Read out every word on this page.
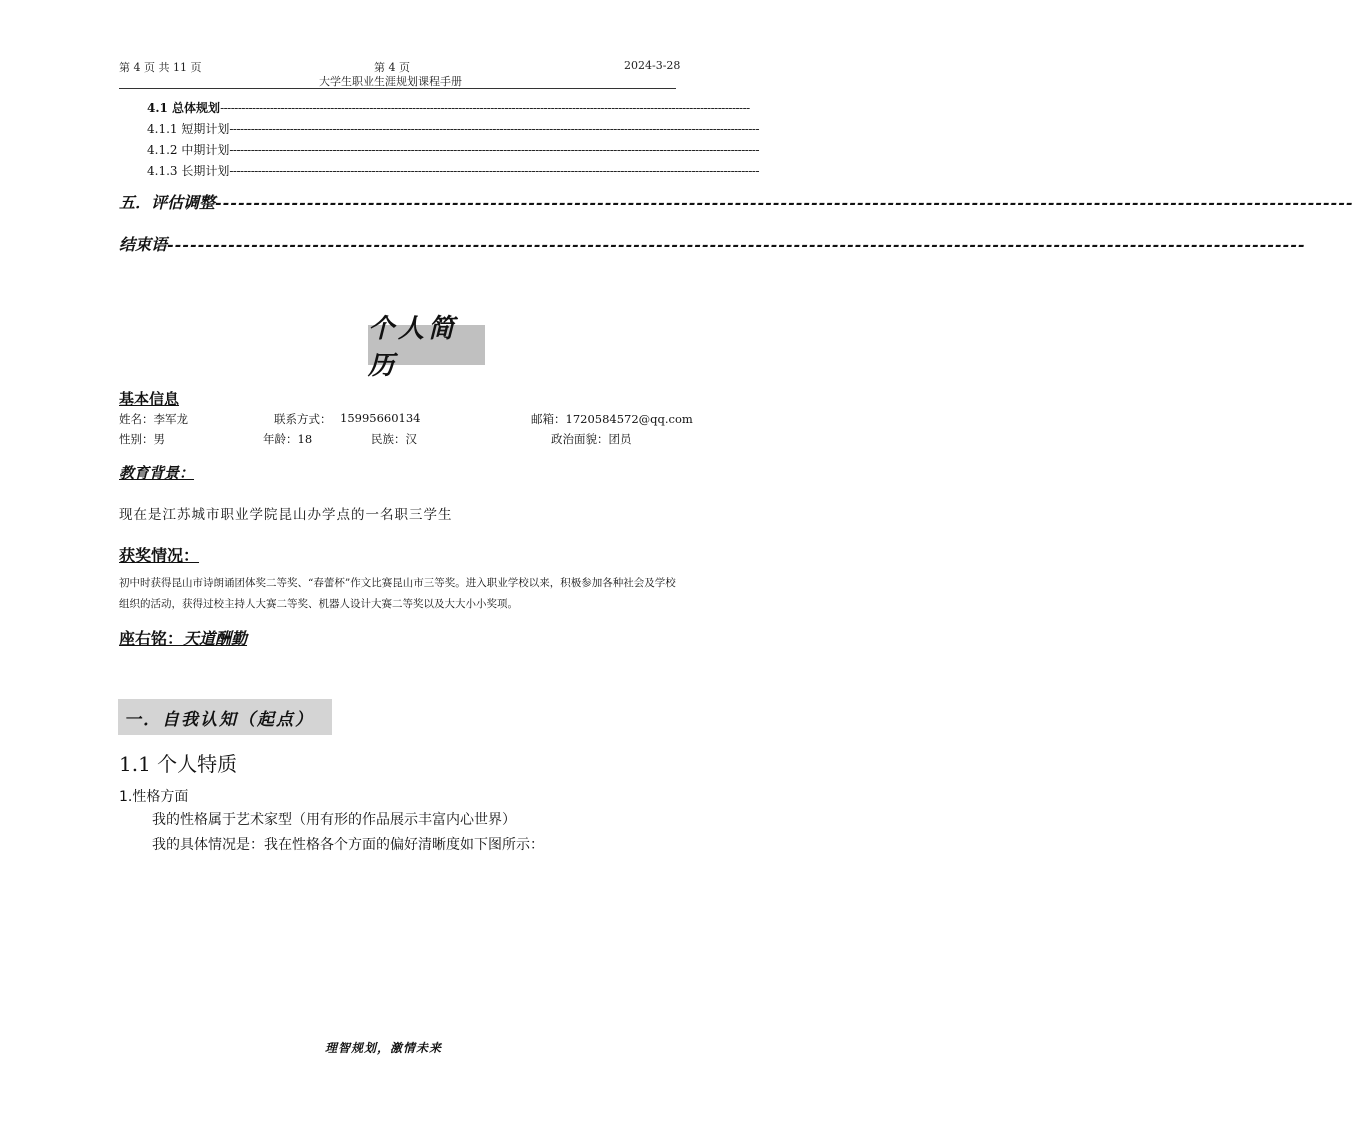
第 4 页 共 11 页	第 4 页
大学生职业生涯规划课程手册
2024-3-28
4.1 总体规划 -----------------------------------------------------------------------------------------------------------------------------------------------------
4.1.1 短期计划 -----------------------------------------------------------------------------------------------------------------------------------------------------
4.1.2 中期计划 -----------------------------------------------------------------------------------------------------------------------------------------------------
4.1.3 长期计划 -----------------------------------------------------------------------------------------------------------------------------------------------------
五．评估调整 -----------------------------------------------------------------------------------------------------------------------------------------------------
结束语 -----------------------------------------------------------------------------------------------------------------------------------------------------
个人简历
基本信息
姓名：李军龙	联系方式： 15995660134	邮箱：1720584572@qq.com
性别：男	年龄：18	民族：汉	政治面貌：团员
教育背景：
现在是江苏城市职业学院昆山办学点的一名职三学生
获奖情况：
初中时获得昆山市诗朗诵团体奖二等奖、“春蕾杯”作文比赛昆山市三等奖。进入职业学校以来，积极参加各种社会及学校组织的活动，获得过校主持人大赛二等奖、机器人设计大赛二等奖以及大大小小奖项。
座右铭：天道酬勤
一．自我认知（起点）
1.1 个人特质
1.性格方面
我的性格属于艺术家型（用有形的作品展示丰富内心世界）
我的具体情况是：我在性格各个方面的偏好清晰度如下图所示：
理智规划，激情未来
